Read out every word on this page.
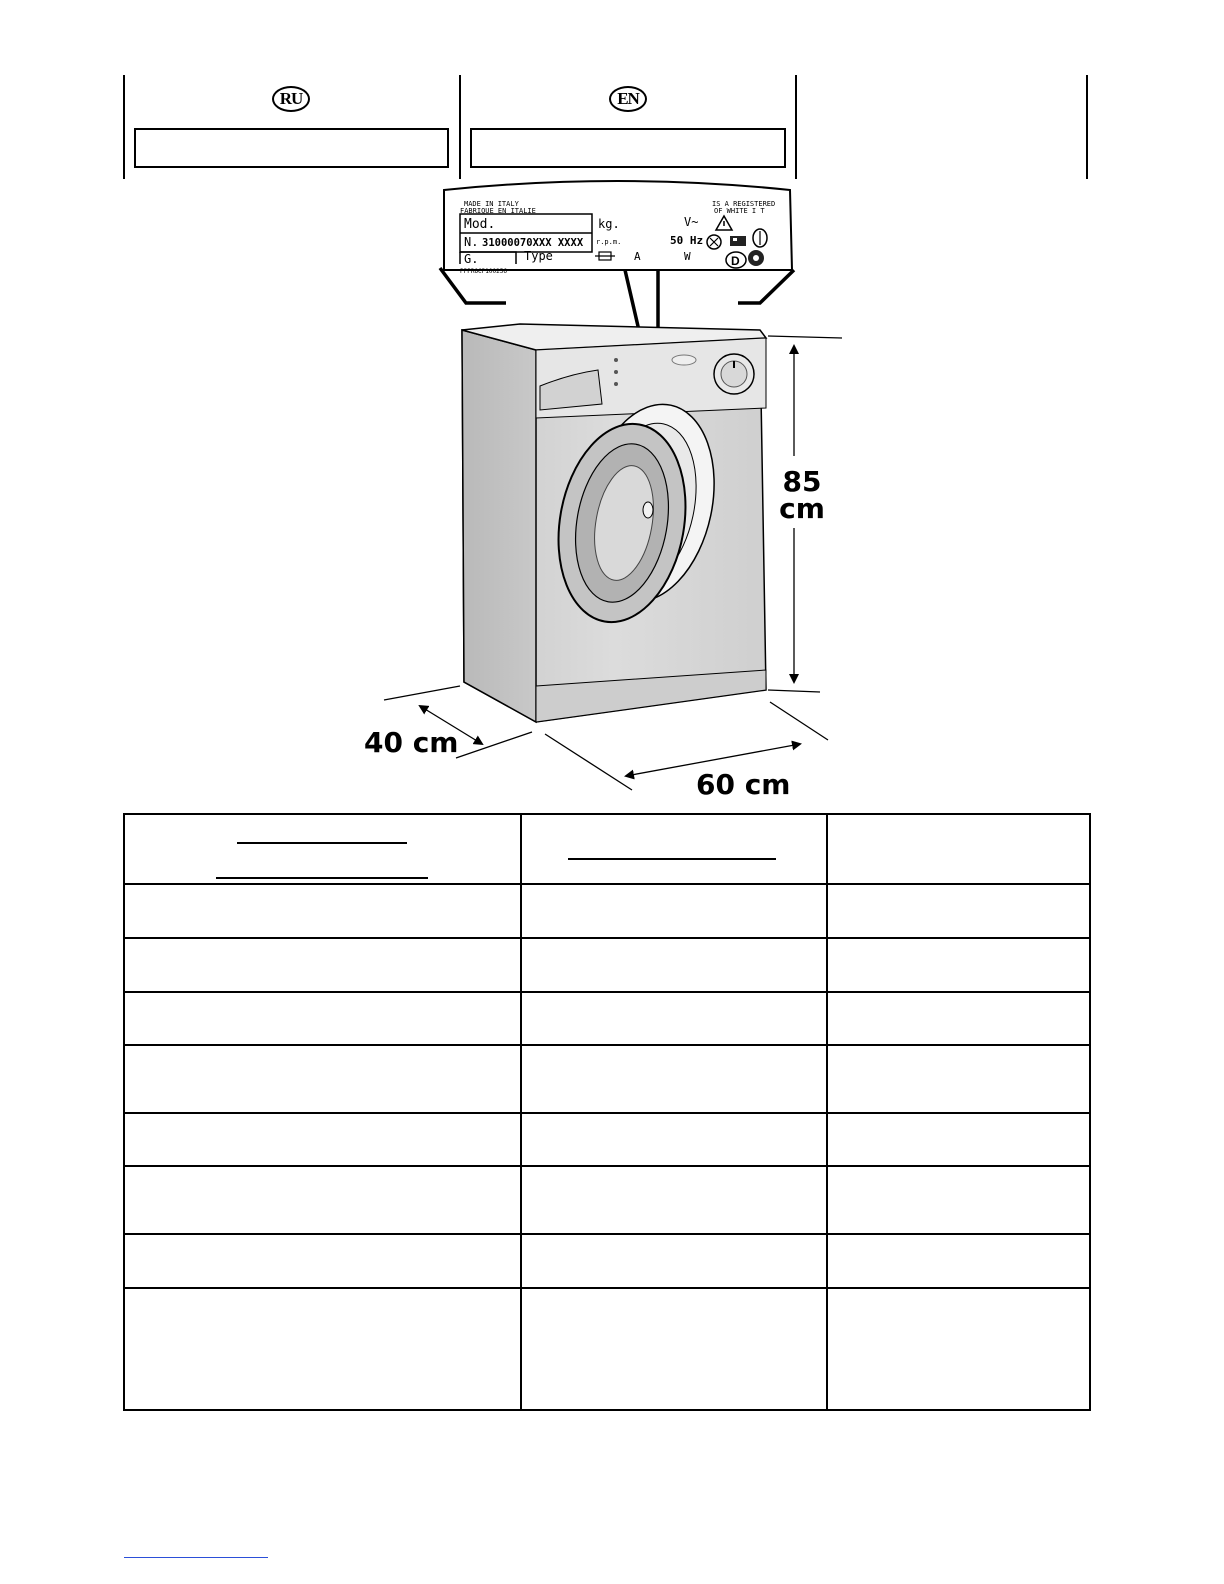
RU	EN
MADE IN ITALY
FABRIQUE EN ITALIE
IS A REGISTERED
OF WHITE I T
Mod.
N. 31000070XXX XXXX
G.	Type
PPPROCP100256
kg.
r.p.m.
A
V~
50 Hz
W	D
85
cm
40 cm
60 cm
